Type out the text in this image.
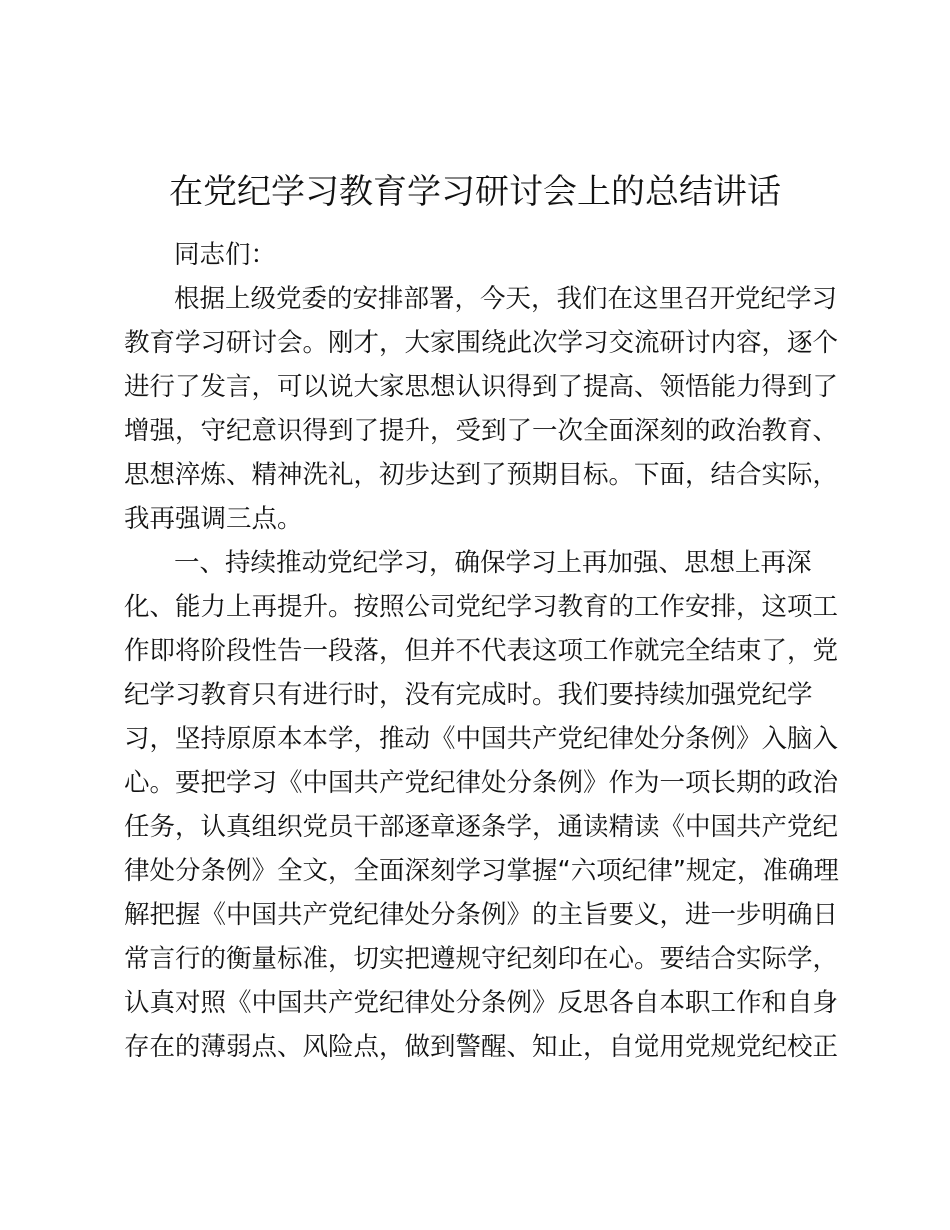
在党纪学习教育学习研讨会上的总结讲话
同志们：
根据上级党委的安排部署，今天，我们在这里召开党纪学习
教育学习研讨会。刚才，大家围绕此次学习交流研讨内容，逐个
进行了发言，可以说大家思想认识得到了提高、领悟能力得到了
增强，守纪意识得到了提升，受到了一次全面深刻的政治教育、
思想淬炼、精神洗礼，初步达到了预期目标。下面，结合实际，
我再强调三点。
一、持续推动党纪学习，确保学习上再加强、思想上再深
化、能力上再提升。按照公司党纪学习教育的工作安排，这项工
作即将阶段性告一段落，但并不代表这项工作就完全结束了，党
纪学习教育只有进行时，没有完成时。我们要持续加强党纪学
习，坚持原原本本学，推动《中国共产党纪律处分条例》入脑入
心。要把学习《中国共产党纪律处分条例》作为一项长期的政治
任务，认真组织党员干部逐章逐条学，通读精读《中国共产党纪
律处分条例》全文，全面深刻学习掌握“六项纪律”规定，准确理
解把握《中国共产党纪律处分条例》的主旨要义，进一步明确日
常言行的衡量标准，切实把遵规守纪刻印在心。要结合实际学，
认真对照《中国共产党纪律处分条例》反思各自本职工作和自身
存在的薄弱点、风险点，做到警醒、知止，自觉用党规党纪校正
